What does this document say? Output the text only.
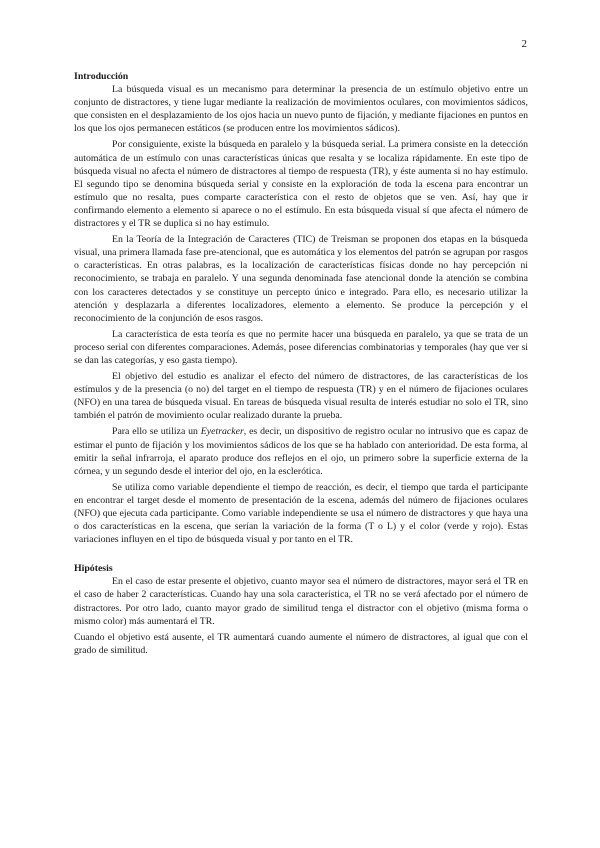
2

Introducción

La búsqueda visual es un mecanismo para determinar la presencia de un estímulo objetivo entre un conjunto de distractores, y tiene lugar mediante la realización de movimientos oculares, con movimientos sádicos, que consisten en el desplazamiento de los ojos hacia un nuevo punto de fijación, y mediante fijaciones en puntos en los que los ojos permanecen estáticos (se producen entre los movimientos sádicos).

Por consiguiente, existe la búsqueda en paralelo y la búsqueda serial. La primera consiste en la detección automática de un estímulo con unas características únicas que resalta y se localiza rápidamente. En este tipo de búsqueda visual no afecta el número de distractores al tiempo de respuesta (TR), y éste aumenta si no hay estímulo. El segundo tipo se denomina búsqueda serial y consiste en la exploración de toda la escena para encontrar un estímulo que no resalta, pues comparte característica con el resto de objetos que se ven. Así, hay que ir confirmando elemento a elemento si aparece o no el estímulo. En esta búsqueda visual sí que afecta el número de distractores y el TR se duplica si no hay estímulo.

En la Teoría de la Integración de Caracteres (TIC) de Treisman se proponen dos etapas en la búsqueda visual, una primera llamada fase pre-atencional, que es automática y los elementos del patrón se agrupan por rasgos o características. En otras palabras, es la localización de características físicas donde no hay percepción ni reconocimiento, se trabaja en paralelo. Y una segunda denominada fase atencional donde la atención se combina con los caracteres detectados y se constituye un percepto único e integrado. Para ello, es necesario utilizar la atención y desplazarla a diferentes localizadores, elemento a elemento. Se produce la percepción y el reconocimiento de la conjunción de esos rasgos.

La característica de esta teoría es que no permite hacer una búsqueda en paralelo, ya que se trata de un proceso serial con diferentes comparaciones. Además, posee diferencias combinatorias y temporales (hay que ver si se dan las categorías, y eso gasta tiempo).

El objetivo del estudio es analizar el efecto del número de distractores, de las características de los estímulos y de la presencia (o no) del target en el tiempo de respuesta (TR) y en el número de fijaciones oculares (NFO) en una tarea de búsqueda visual. En tareas de búsqueda visual resulta de interés estudiar no solo el TR, sino también el patrón de movimiento ocular realizado durante la prueba.

Para ello se utiliza un Eyetracker, es decir, un dispositivo de registro ocular no intrusivo que es capaz de estimar el punto de fijación y los movimientos sádicos de los que se ha hablado con anterioridad. De esta forma, al emitir la señal infrarroja, el aparato produce dos reflejos en el ojo, un primero sobre la superficie externa de la córnea, y un segundo desde el interior del ojo, en la esclerótica.

Se utiliza como variable dependiente el tiempo de reacción, es decir, el tiempo que tarda el participante en encontrar el target desde el momento de presentación de la escena, además del número de fijaciones oculares (NFO) que ejecuta cada participante. Como variable independiente se usa el número de distractores y que haya una o dos características en la escena, que serían la variación de la forma (T o L) y el color (verde y rojo). Estas variaciones influyen en el tipo de búsqueda visual y por tanto en el TR.

Hipótesis

En el caso de estar presente el objetivo, cuanto mayor sea el número de distractores, mayor será el TR en el caso de haber 2 características. Cuando hay una sola característica, el TR no se verá afectado por el número de distractores. Por otro lado, cuanto mayor grado de similitud tenga el distractor con el objetivo (misma forma o mismo color) más aumentará el TR.

Cuando el objetivo está ausente, el TR aumentará cuando aumente el número de distractores, al igual que con el grado de similitud.
